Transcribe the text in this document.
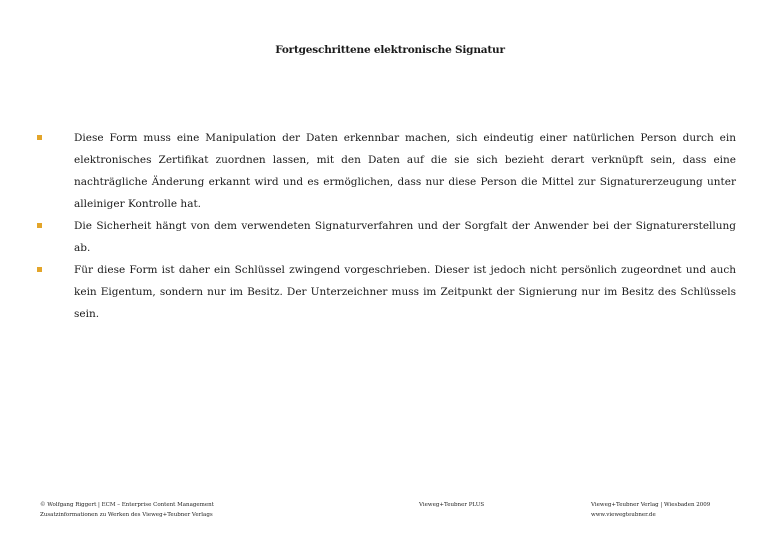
Fortgeschrittene elektronische Signatur
Diese Form muss eine Manipulation der Daten erkennbar machen, sich eindeutig einer natürlichen Person durch ein elektronisches Zertifikat zuordnen lassen, mit den Daten auf die sie sich bezieht derart verknüpft sein, dass eine nachträgliche Änderung erkannt wird und es ermöglichen, dass nur diese Person die Mittel zur Signaturerzeugung unter alleiniger Kontrolle hat.
Die Sicherheit hängt von dem verwendeten Signaturverfahren und der Sorgfalt der Anwender bei der Signaturerstellung ab.
Für diese Form ist daher ein Schlüssel zwingend vorgeschrieben. Dieser ist jedoch nicht persönlich zugeordnet und auch kein Eigentum, sondern nur im Besitz. Der Unterzeichner muss im Zeitpunkt der Signierung nur im Besitz des Schlüssels sein.
© Wolfgang Riggert | ECM – Enterprise Content Management
Zusatzinformationen zu Werken des Vieweg+Teubner Verlags
Vieweg+Teubner PLUS	Vieweg+Teubner Verlag | Wiesbaden 2009
www.viewegteubner.de
